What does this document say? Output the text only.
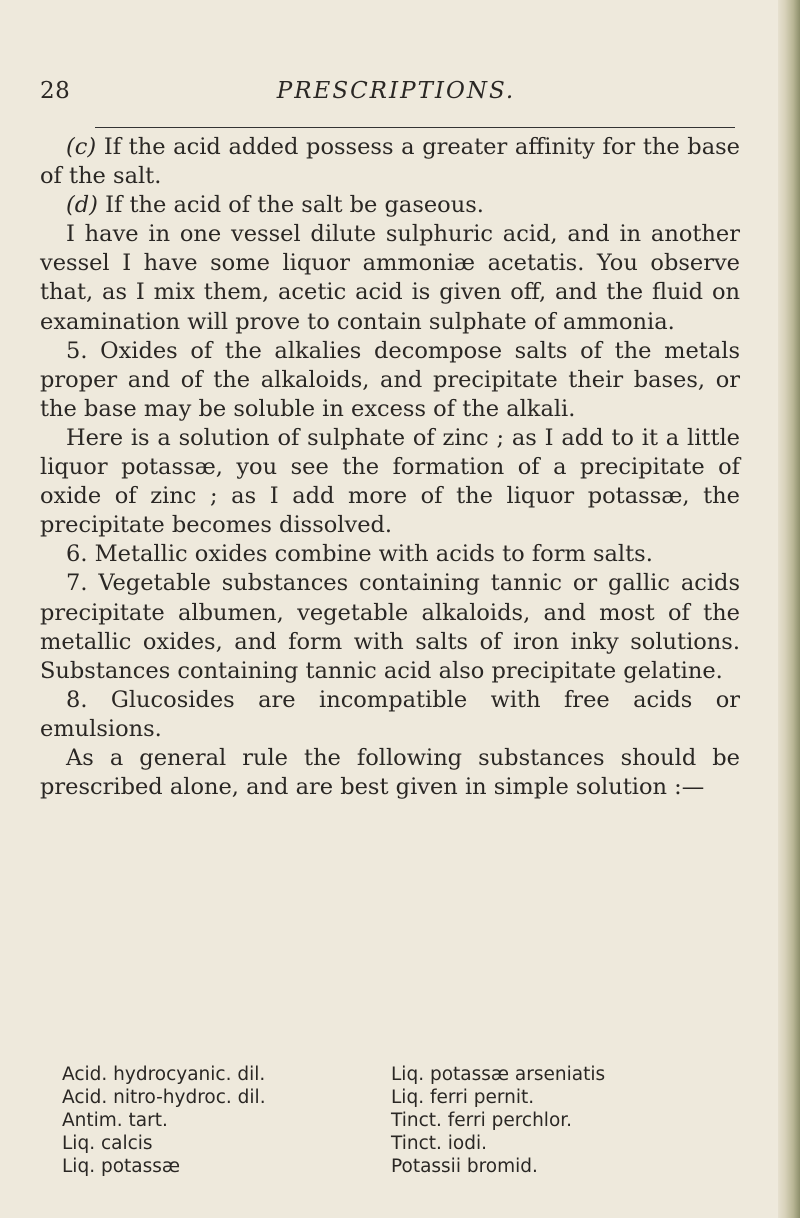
28	PRESCRIPTIONS.

(c) If the acid added possess a greater affinity for the base of the salt.

(d) If the acid of the salt be gaseous.

I have in one vessel dilute sulphuric acid, and in another vessel I have some liquor ammoniæ acetatis. You observe that, as I mix them, acetic acid is given off, and the fluid on examination will prove to contain sulphate of ammonia.

5. Oxides of the alkalies decompose salts of the metals proper and of the alkaloids, and precipitate their bases, or the base may be soluble in excess of the alkali.

Here is a solution of sulphate of zinc ; as I add to it a little liquor potassæ, you see the formation of a precipitate of oxide of zinc ; as I add more of the liquor potassæ, the precipitate becomes dissolved.

6. Metallic oxides combine with acids to form salts.

7. Vegetable substances containing tannic or gallic acids precipitate albumen, vegetable alkaloids, and most of the metallic oxides, and form with salts of iron inky solutions. Substances containing tannic acid also precipitate gelatine.

8. Glucosides are incompatible with free acids or emulsions.

As a general rule the following substances should be prescribed alone, and are best given in simple solution :—

Acid. hydrocyanic. dil.
Acid. nitro-hydroc. dil.
Antim. tart.
Liq. calcis
Liq. potassæ
Liq. potassæ arseniatis
Liq. ferri pernit.
Tinct. ferri perchlor.
Tinct. iodi.
Potassii bromid.
